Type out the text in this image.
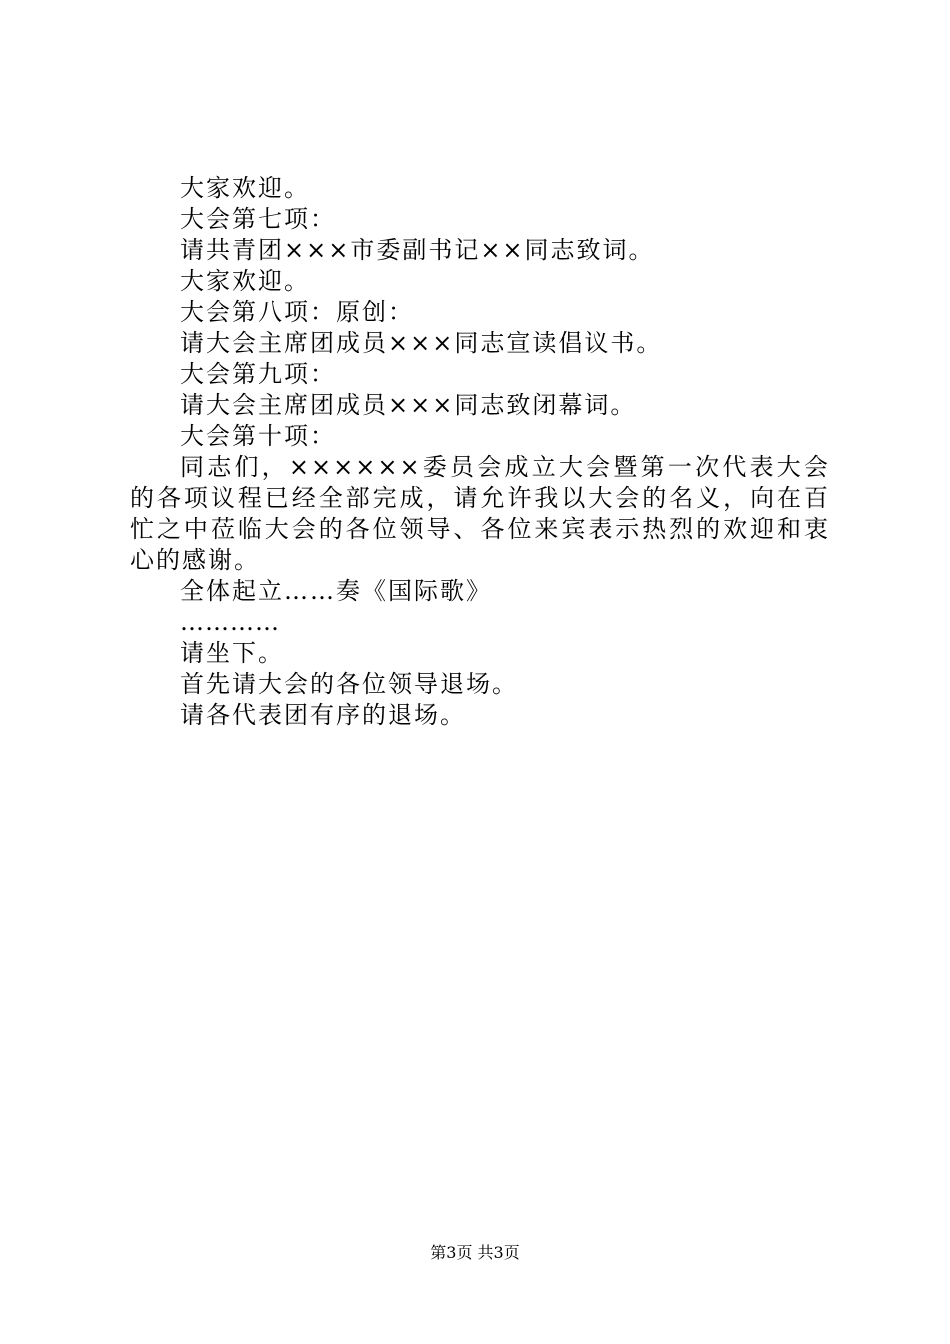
大家欢迎。
大会第七项：
请共青团×××市委副书记××同志致词。
大家欢迎。
大会第八项：原创：
请大会主席团成员×××同志宣读倡议书。
大会第九项：
请大会主席团成员×××同志致闭幕词。
大会第十项：

同志们，××××××委员会成立大会暨第一次代表大会的各项议程已经全部完成，请允许我以大会的名义，向在百忙之中莅临大会的各位领导、各位来宾表示热烈的欢迎和衷心的感谢。

全体起立……奏《国际歌》
…………
请坐下。
首先请大会的各位领导退场。
请各代表团有序的退场。
第3页 共3页
